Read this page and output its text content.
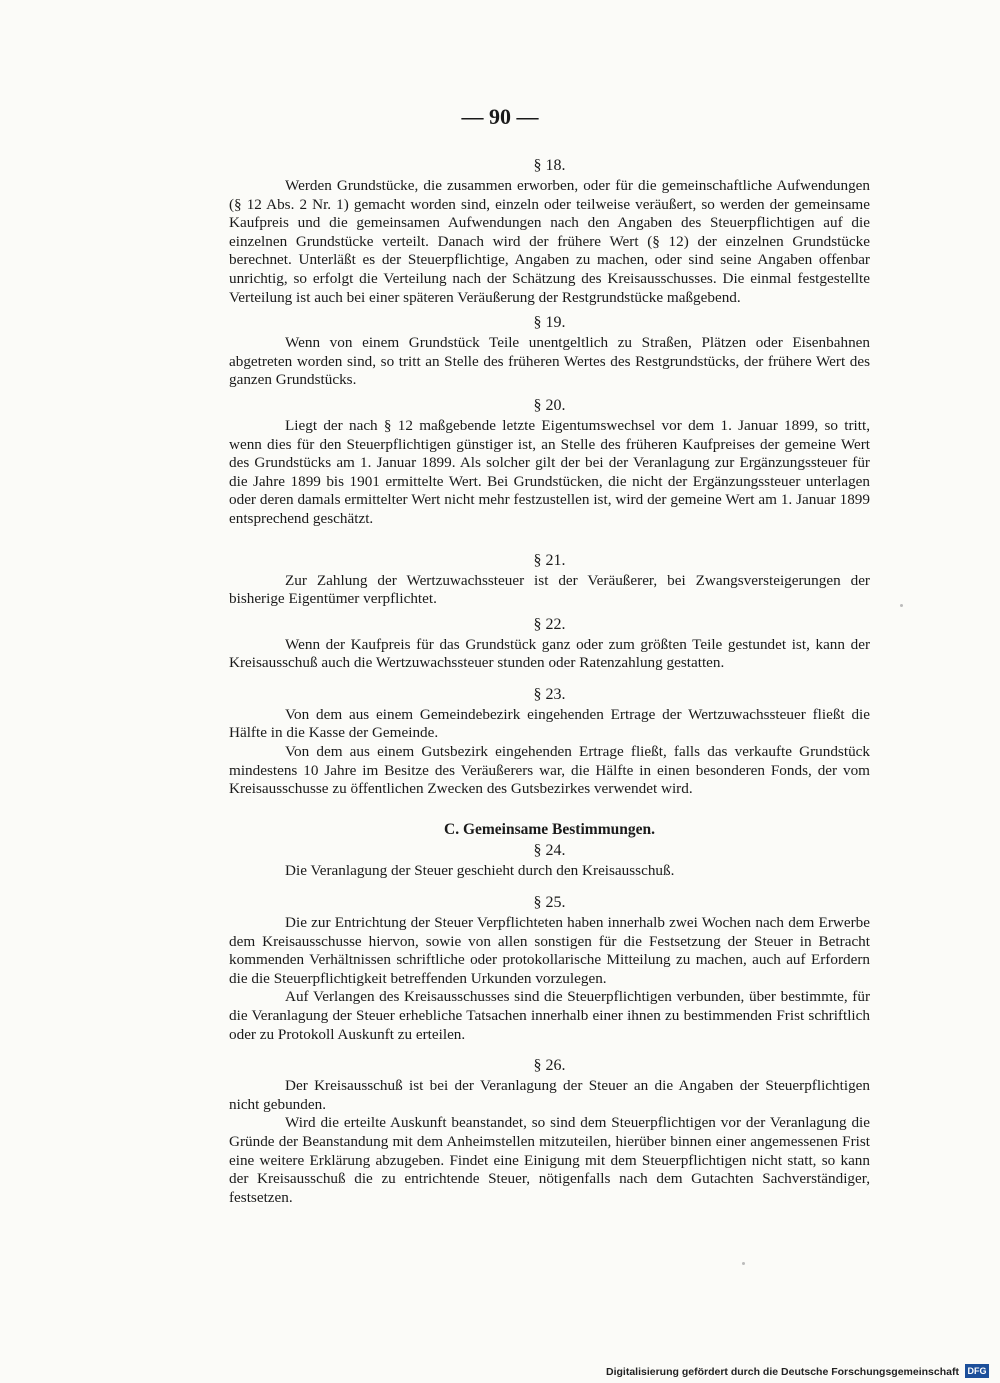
— 90 —
§ 18.

Werden Grundstücke, die zusammen erworben, oder für die gemeinschaftliche Aufwendungen (§ 12 Abs. 2 Nr. 1) gemacht worden sind, einzeln oder teilweise veräußert, so werden der gemeinsame Kaufpreis und die gemeinsamen Aufwendungen nach den Angaben des Steuerpflichtigen auf die einzelnen Grundstücke verteilt. Danach wird der frühere Wert (§ 12) der einzelnen Grundstücke berechnet. Unterläßt es der Steuerpflichtige, Angaben zu machen, oder sind seine Angaben offenbar unrichtig, so erfolgt die Verteilung nach der Schätzung des Kreisausschusses. Die einmal festgestellte Verteilung ist auch bei einer späteren Veräußerung der Restgrundstücke maßgebend.

§ 19.

Wenn von einem Grundstück Teile unentgeltlich zu Straßen, Plätzen oder Eisenbahnen abgetreten worden sind, so tritt an Stelle des früheren Wertes des Restgrundstücks, der frühere Wert des ganzen Grundstücks.

§ 20.

Liegt der nach § 12 maßgebende letzte Eigentumswechsel vor dem 1. Januar 1899, so tritt, wenn dies für den Steuerpflichtigen günstiger ist, an Stelle des früheren Kaufpreises der gemeine Wert des Grundstücks am 1. Januar 1899. Als solcher gilt der bei der Veranlagung zur Ergänzungssteuer für die Jahre 1899 bis 1901 ermittelte Wert. Bei Grundstücken, die nicht der Ergänzungssteuer unterlagen oder deren damals ermittelter Wert nicht mehr festzustellen ist, wird der gemeine Wert am 1. Januar 1899 entsprechend geschätzt.

§ 21.

Zur Zahlung der Wertzuwachssteuer ist der Veräußerer, bei Zwangsversteigerungen der bisherige Eigentümer verpflichtet.

§ 22.

Wenn der Kaufpreis für das Grundstück ganz oder zum größten Teile gestundet ist, kann der Kreisausschuß auch die Wertzuwachssteuer stunden oder Ratenzahlung gestatten.

§ 23.

Von dem aus einem Gemeindebezirk eingehenden Ertrage der Wertzuwachssteuer fließt die Hälfte in die Kasse der Gemeinde.

Von dem aus einem Gutsbezirk eingehenden Ertrage fließt, falls das verkaufte Grundstück mindestens 10 Jahre im Besitze des Veräußerers war, die Hälfte in einen besonderen Fonds, der vom Kreisausschusse zu öffentlichen Zwecken des Gutsbezirkes verwendet wird.

C. Gemeinsame Bestimmungen.
§ 24.

Die Veranlagung der Steuer geschieht durch den Kreisausschuß.

§ 25.

Die zur Entrichtung der Steuer Verpflichteten haben innerhalb zwei Wochen nach dem Erwerbe dem Kreisausschusse hiervon, sowie von allen sonstigen für die Festsetzung der Steuer in Betracht kommenden Verhältnissen schriftliche oder protokollarische Mitteilung zu machen, auch auf Erfordern die die Steuerpflichtigkeit betreffenden Urkunden vorzulegen.

Auf Verlangen des Kreisausschusses sind die Steuerpflichtigen verbunden, über bestimmte, für die Veranlagung der Steuer erhebliche Tatsachen innerhalb einer ihnen zu bestimmenden Frist schriftlich oder zu Protokoll Auskunft zu erteilen.

§ 26.

Der Kreisausschuß ist bei der Veranlagung der Steuer an die Angaben der Steuerpflichtigen nicht gebunden.

Wird die erteilte Auskunft beanstandet, so sind dem Steuerpflichtigen vor der Veranlagung die Gründe der Beanstandung mit dem Anheimstellen mitzuteilen, hierüber binnen einer angemessenen Frist eine weitere Erklärung abzugeben. Findet eine Einigung mit dem Steuerpflichtigen nicht statt, so kann der Kreisausschuß die zu entrichtende Steuer, nötigenfalls nach dem Gutachten Sachverständiger, festsetzen.

Digitalisierung gefördert durch die Deutsche Forschungsgemeinschaft DFG
